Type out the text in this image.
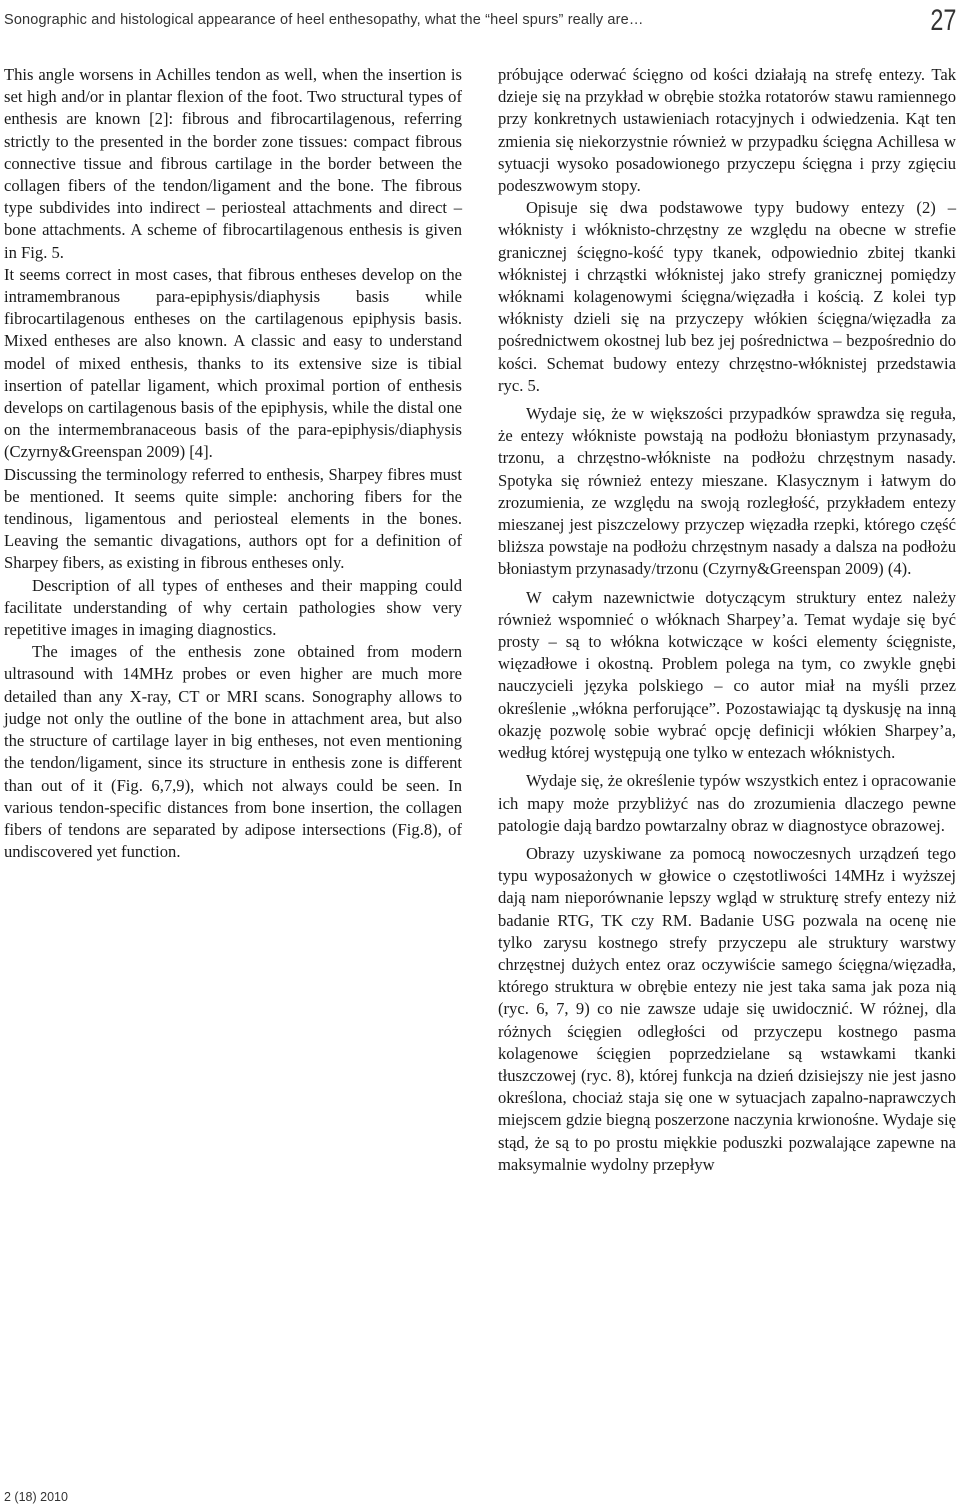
Sonographic and histological appearance of heel enthesopathy, what the “heel spurs” really are…	27

This angle worsens in Achilles tendon as well, when the insertion is set high and/or in plantar flexion of the foot. Two structural types of enthesis are known [2]: fibrous and fibrocartilagenous, referring strictly to the presented in the border zone tissues: compact fibrous connective tissue and fibrous cartilage in the border between the collagen fibers of the tendon/ligament and the bone. The fibrous type subdivides into indirect – periosteal attachments and direct – bone attachments. A scheme of fibrocartilagenous enthesis is given in Fig. 5.

It seems correct in most cases, that fibrous entheses develop on the intramembranous para-epiphysis/diaphysis basis while fibrocartilagenous entheses on the cartilagenous epiphysis basis. Mixed entheses are also known. A classic and easy to understand model of mixed enthesis, thanks to its extensive size is tibial insertion of patellar ligament, which proximal portion of enthesis develops on cartilagenous basis of the epiphysis, while the distal one on the intermembranaceous basis of the para-epiphysis/diaphysis (Czyrny&Greenspan 2009) [4].

Discussing the terminology referred to enthesis, Sharpey fibres must be mentioned. It seems quite simple: anchoring fibers for the tendinous, ligamentous and periosteal elements in the bones. Leaving the semantic divagations, authors opt for a definition of Sharpey fibers, as existing in fibrous entheses only.

Description of all types of entheses and their mapping could facilitate understanding of why certain pathologies show very repetitive images in imaging diagnostics.

The images of the enthesis zone obtained from modern ultrasound with 14MHz probes or even higher are much more detailed than any X-ray, CT or MRI scans. Sonography allows to judge not only the outline of the bone in attachment area, but also the structure of cartilage layer in big entheses, not even mentioning the tendon/ligament, since its structure in enthesis zone is different than out of it (Fig. 6,7,9), which not always could be seen. In various tendon-specific distances from bone insertion, the collagen fibers of tendons are separated by adipose intersections (Fig.8), of undiscovered yet function.

próbujące oderwać ścięgno od kości działają na strefę entezy. Tak dzieje się na przykład w obrębie stożka rotatorów stawu ramiennego przy konkretnych ustawieniach rotacyjnych i odwiedzenia. Kąt ten zmienia się niekorzystnie również w przypadku ścięgna Achillesa w sytuacji wysoko posadowionego przyczepu ścięgna i przy zgięciu podeszwowym stopy.

Opisuje się dwa podstawowe typy budowy entezy (2) – włóknisty i włóknisto-chrzęstny ze względu na obecne w strefie granicznej ścięgno-kość typy tkanek, odpowiednio zbitej tkanki włóknistej i chrząstki włóknistej jako strefy granicznej pomiędzy włóknami kolagenowymi ścięgna/więzadła i kością. Z kolei typ włóknisty dzieli się na przyczepy włókien ścięgna/więzadła za pośrednictwem okostnej lub bez jej pośrednictwa – bezpośrednio do kości. Schemat budowy entezy chrzęstno-włóknistej przedstawia ryc. 5.

Wydaje się, że w większości przypadków sprawdza się reguła, że entezy włókniste powstają na podłożu błoniastym przynasady, trzonu, a chrzęstno-włókniste na podłożu chrzęstnym nasady. Spotyka się również entezy mieszane. Klasycznym i łatwym do zrozumienia, ze względu na swoją rozległość, przykładem entezy mieszanej jest piszczelowy przyczep więzadła rzepki, którego część bliższa powstaje na podłożu chrzęstnym nasady a dalsza na podłożu błoniastym przynasady/trzonu (Czyrny&Greenspan 2009) (4).

W całym nazewnictwie dotyczącym struktury entez należy również wspomnieć o włóknach Sharpey’a. Temat wydaje się być prosty – są to włókna kotwiczące w kości elementy ścięgniste, więzadłowe i okostną. Problem polega na tym, co zwykle gnębi nauczycieli języka polskiego – co autor miał na myśli przez określenie „włókna perforujące”. Pozostawiając tą dyskusję na inną okazję pozwolę sobie wybrać opcję definicji włókien Sharpey’a, według której występują one tylko w entezach włóknistych.

Wydaje się, że określenie typów wszystkich entez i opracowanie ich mapy może przybliżyć nas do zrozumienia dlaczego pewne patologie dają bardzo powtarzalny obraz w diagnostyce obrazowej.

Obrazy uzyskiwane za pomocą nowoczesnych urządzeń tego typu wyposażonych w głowice o częstotliwości 14MHz i wyższej dają nam nieporównanie lepszy wgląd w strukturę strefy entezy niż badanie RTG, TK czy RM. Badanie USG pozwala na ocenę nie tylko zarysu kostnego strefy przyczepu ale struktury warstwy chrzęstnej dużych entez oraz oczywiście samego ścięgna/więzadła, którego struktura w obrębie entezy nie jest taka sama jak poza nią (ryc. 6, 7, 9) co nie zawsze udaje się uwidocznić. W różnej, dla różnych ścięgien odległości od przyczepu kostnego pasma kolagenowe ścięgien poprzedzielane są wstawkami tkanki tłuszczowej (ryc. 8), której funkcja na dzień dzisiejszy nie jest jasno określona, chociaż staja się one w sytuacjach zapalno-naprawczych miejscem gdzie biegną poszerzone naczynia krwionośne. Wydaje się stąd, że są to po prostu miękkie poduszki pozwalające zapewne na maksymalnie wydolny przepływ

2 (18) 2010
